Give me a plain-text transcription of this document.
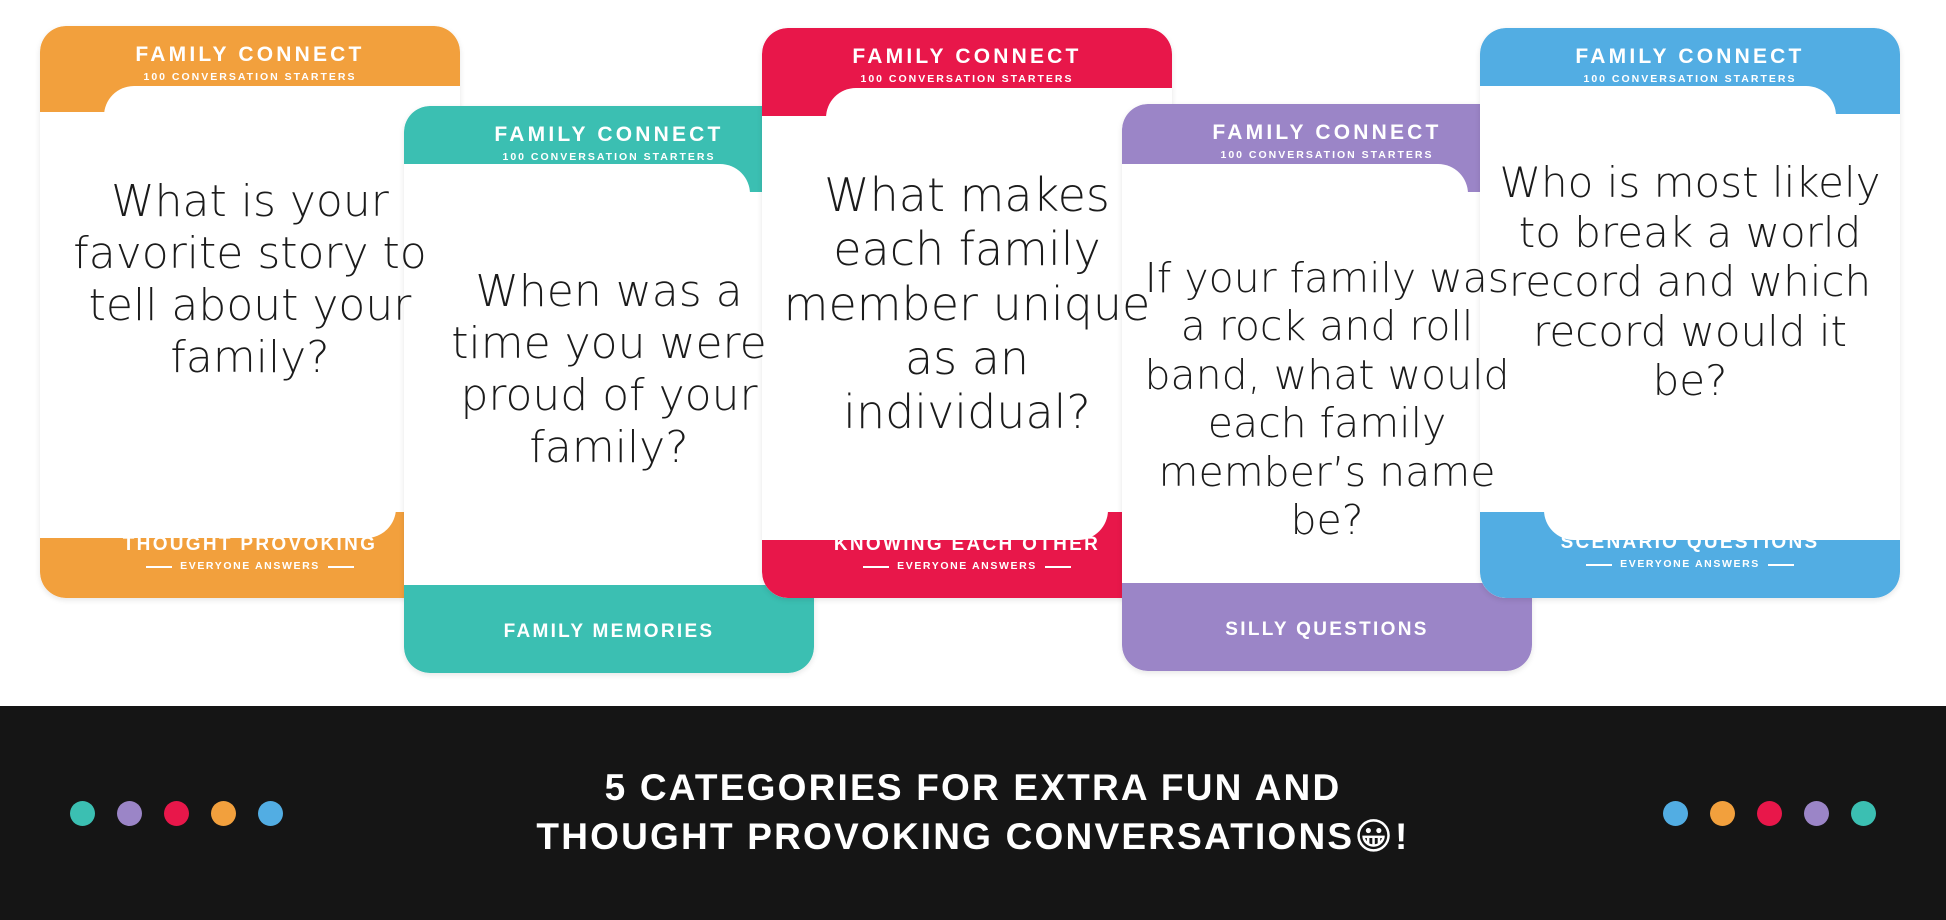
FAMILY CONNECT
100 CONVERSATION STARTERS
What is your favorite story to tell about your family?
THOUGHT PROVOKING
EVERYONE ANSWERS
FAMILY CONNECT
100 CONVERSATION STARTERS
When was a time you were proud of your family?
FAMILY MEMORIES
FAMILY CONNECT
100 CONVERSATION STARTERS
What makes each family member unique as an individual?
KNOWING EACH OTHER
EVERYONE ANSWERS
FAMILY CONNECT
100 CONVERSATION STARTERS
If your family was a rock and roll band, what would each family member’s name be?
SILLY QUESTIONS
FAMILY CONNECT
100 CONVERSATION STARTERS
Who is most likely to break a world record and which record would it be?
SCENARIO QUESTIONS
EVERYONE ANSWERS
5 CATEGORIES FOR EXTRA FUN AND
THOUGHT PROVOKING CONVERSATIONS😀!
